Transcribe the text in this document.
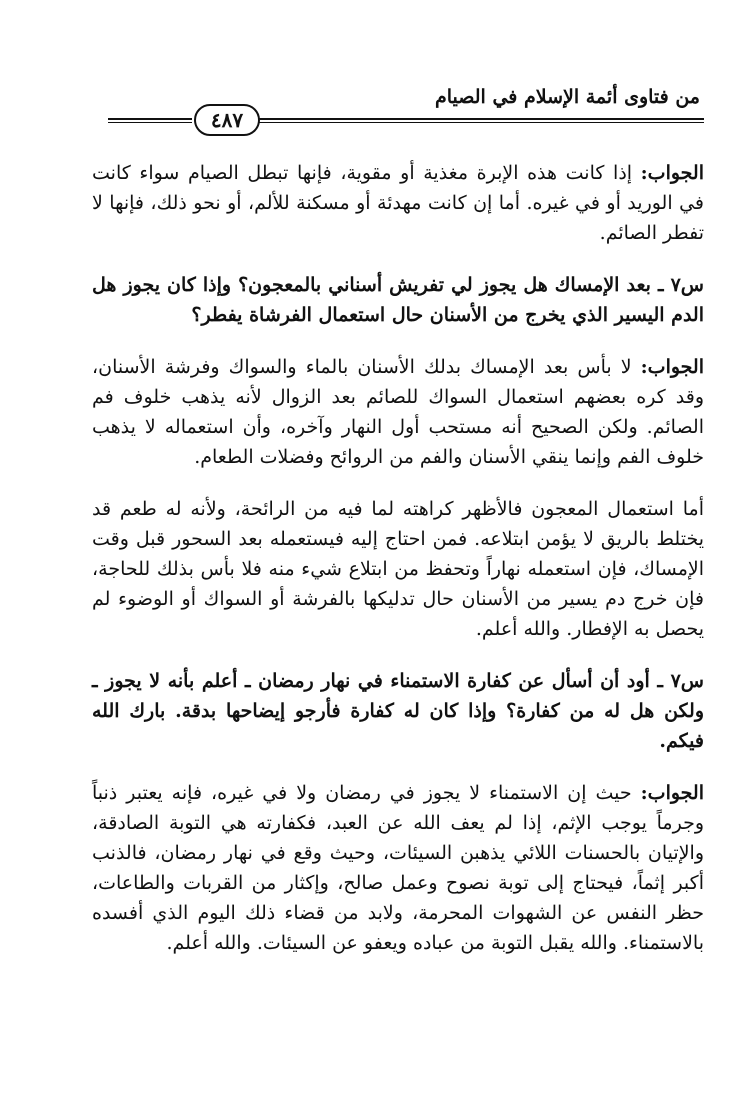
من فتاوى أئمة الإسلام في الصيام
٤٨٧

الجواب: إذا كانت هذه الإبرة مغذية أو مقوية، فإنها تبطل الصيام سواء كانت في الوريد أو في غيره. أما إن كانت مهدئة أو مسكنة للألم، أو نحو ذلك، فإنها لا تفطر الصائم.

س٧ ـ بعد الإمساك هل يجوز لي تفريش أسناني بالمعجون؟ وإذا كان يجوز هل الدم اليسير الذي يخرج من الأسنان حال استعمال الفرشاة يفطر؟

الجواب: لا بأس بعد الإمساك بدلك الأسنان بالماء والسواك وفرشة الأسنان، وقد كره بعضهم استعمال السواك للصائم بعد الزوال لأنه يذهب خلوف فم الصائم. ولكن الصحيح أنه مستحب أول النهار وآخره، وأن استعماله لا يذهب خلوف الفم وإنما ينقي الأسنان والفم من الروائح وفضلات الطعام.

أما استعمال المعجون فالأظهر كراهته لما فيه من الرائحة، ولأنه له طعم قد يختلط بالريق لا يؤمن ابتلاعه. فمن احتاج إليه فيستعمله بعد السحور قبل وقت الإمساك، فإن استعمله نهاراً وتحفظ من ابتلاع شيء منه فلا بأس بذلك للحاجة، فإن خرج دم يسير من الأسنان حال تدليكها بالفرشة أو السواك أو الوضوء لم يحصل به الإفطار. والله أعلم.

س٧ ـ أود أن أسأل عن كفارة الاستمناء في نهار رمضان ـ أعلم بأنه لا يجوز ـ ولكن هل له من كفارة؟ وإذا كان له كفارة فأرجو إيضاحها بدقة. بارك الله فيكم.

الجواب: حيث إن الاستمناء لا يجوز في رمضان ولا في غيره، فإنه يعتبر ذنباً وجرماً يوجب الإثم، إذا لم يعف الله عن العبد، فكفارته هي التوبة الصادقة، والإتيان بالحسنات اللائي يذهبن السيئات، وحيث وقع في نهار رمضان، فالذنب أكبر إثماً، فيحتاج إلى توبة نصوح وعمل صالح، وإكثار من القربات والطاعات، حظر النفس عن الشهوات المحرمة، ولابد من قضاء ذلك اليوم الذي أفسده بالاستمناء. والله يقبل التوبة من عباده ويعفو عن السيئات. والله أعلم.
